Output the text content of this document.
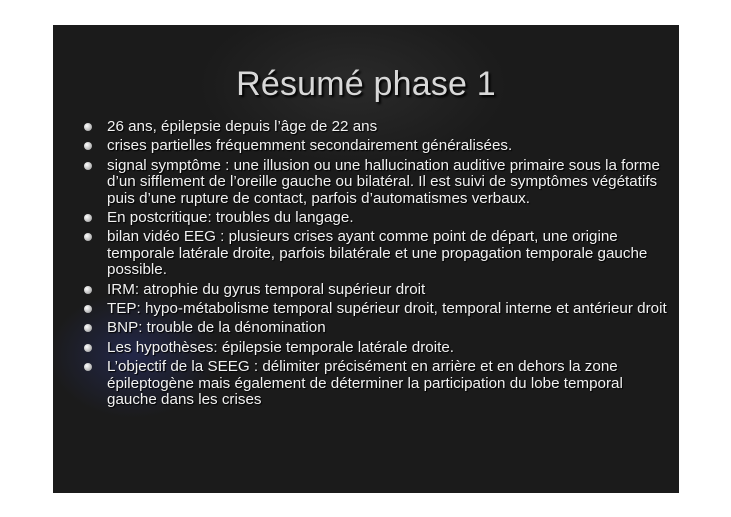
Résumé phase 1
26 ans, épilepsie depuis l’âge de 22 ans
crises partielles fréquemment secondairement généralisées.
signal symptôme : une illusion ou une hallucination auditive primaire sous la forme d’un sifflement de l’oreille gauche ou bilatéral. Il est suivi de symptômes végétatifs puis d’une rupture de contact, parfois d’automatismes verbaux.
En postcritique: troubles du langage.
bilan vidéo EEG : plusieurs crises ayant comme point de départ, une origine temporale latérale droite, parfois bilatérale et une propagation temporale gauche possible.
IRM: atrophie du gyrus temporal supérieur droit
TEP: hypo-métabolisme temporal supérieur droit, temporal interne et antérieur droit
BNP: trouble de la dénomination
Les hypothèses: épilepsie temporale latérale droite.
L’objectif de la SEEG : délimiter précisément en arrière et en dehors la zone épileptogène mais également de déterminer la participation du lobe temporal gauche dans les crises
